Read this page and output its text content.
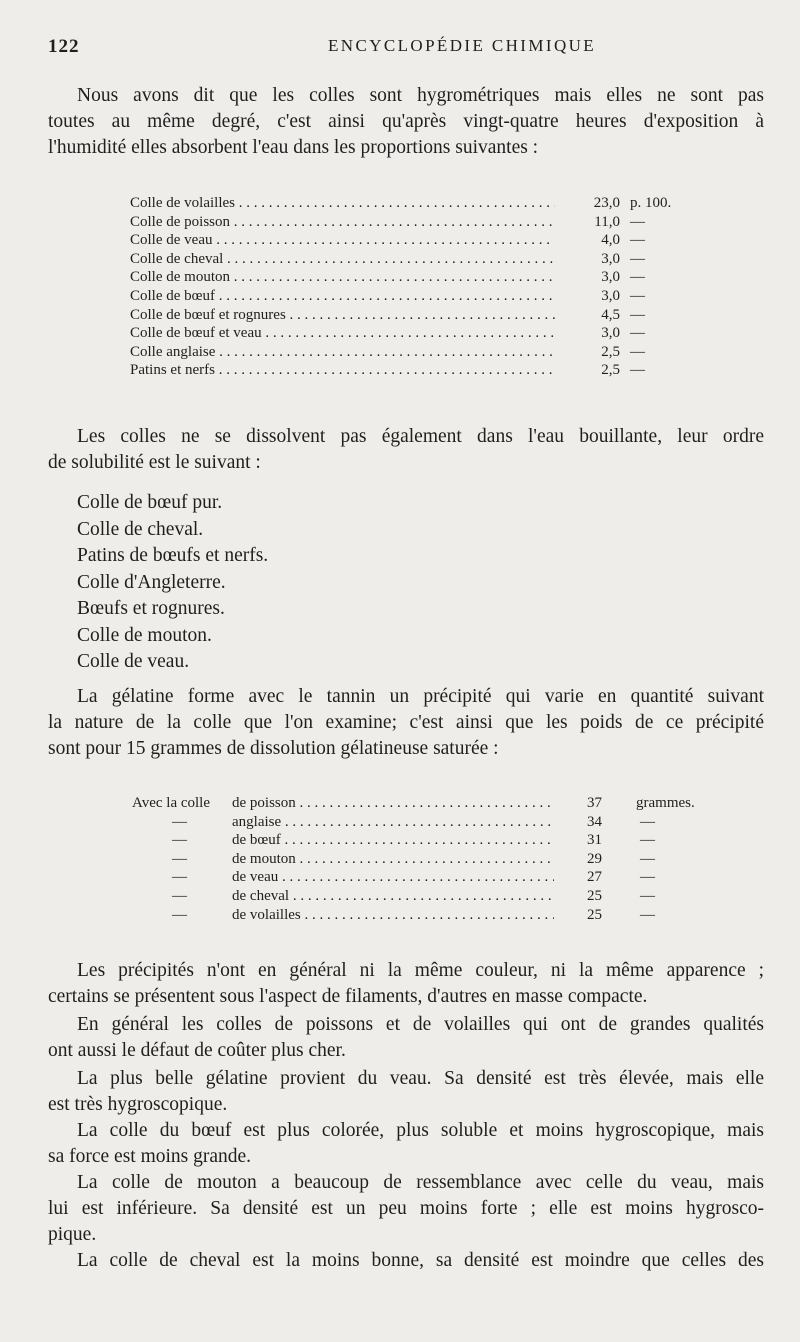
122	ENCYCLOPÉDIE CHIMIQUE

Nous avons dit que les colles sont hygrométriques mais elles ne sont pas
toutes au même degré, c'est ainsi qu'après vingt-quatre heures d'exposition à
l'humidité elles absorbent l'eau dans les proportions suivantes :

Colle de volailles . . .	23,0 p. 100.
Colle de poisson . . .	11,0 —
Colle de veau . . .	4,0 —
Colle de cheval . . .	3,0 —
Colle de mouton . . .	3,0 —
Colle de bœuf . . .	3,0 —
Colle de bœuf et rognures . . .	4,5 —
Colle de bœuf et veau . . .	3,0 —
Colle anglaise . . .	2,5 —
Patins et nerfs . . .	2,5 —

Les colles ne se dissolvent pas également dans l'eau bouillante, leur ordre
de solubilité est le suivant :

Colle de bœuf pur.
Colle de cheval.
Patins de bœufs et nerfs.
Colle d'Angleterre.
Bœufs et rognures.
Colle de mouton.
Colle de veau.

La gélatine forme avec le tannin un précipité qui varie en quantité suivant
la nature de la colle que l'on examine; c'est ainsi que les poids de ce précipité
sont pour 15 grammes de dissolution gélatineuse saturée :

Avec la colle	de poisson . . .	37 grammes.
—	anglaise . . .	34	—
—	de bœuf . . .	31	—
—	de mouton . . .	29	—
—	de veau . . .	27	—
—	de cheval . . .	25	—
—	de volailles . . .	25	—

Les précipités n'ont en général ni la même couleur, ni la même apparence ;
certains se présentent sous l'aspect de filaments, d'autres en masse compacte.

En général les colles de poissons et de volailles qui ont de grandes qualités
ont aussi le défaut de coûter plus cher.

La plus belle gélatine provient du veau. Sa densité est très élevée, mais elle
est très hygroscopique.

La colle du bœuf est plus colorée, plus soluble et moins hygroscopique, mais
sa force est moins grande.

La colle de mouton a beaucoup de ressemblance avec celle du veau, mais
lui est inférieure. Sa densité est un peu moins forte ; elle est moins hygrosco-
pique.

La colle de cheval est la moins bonne, sa densité est moindre que celles des
